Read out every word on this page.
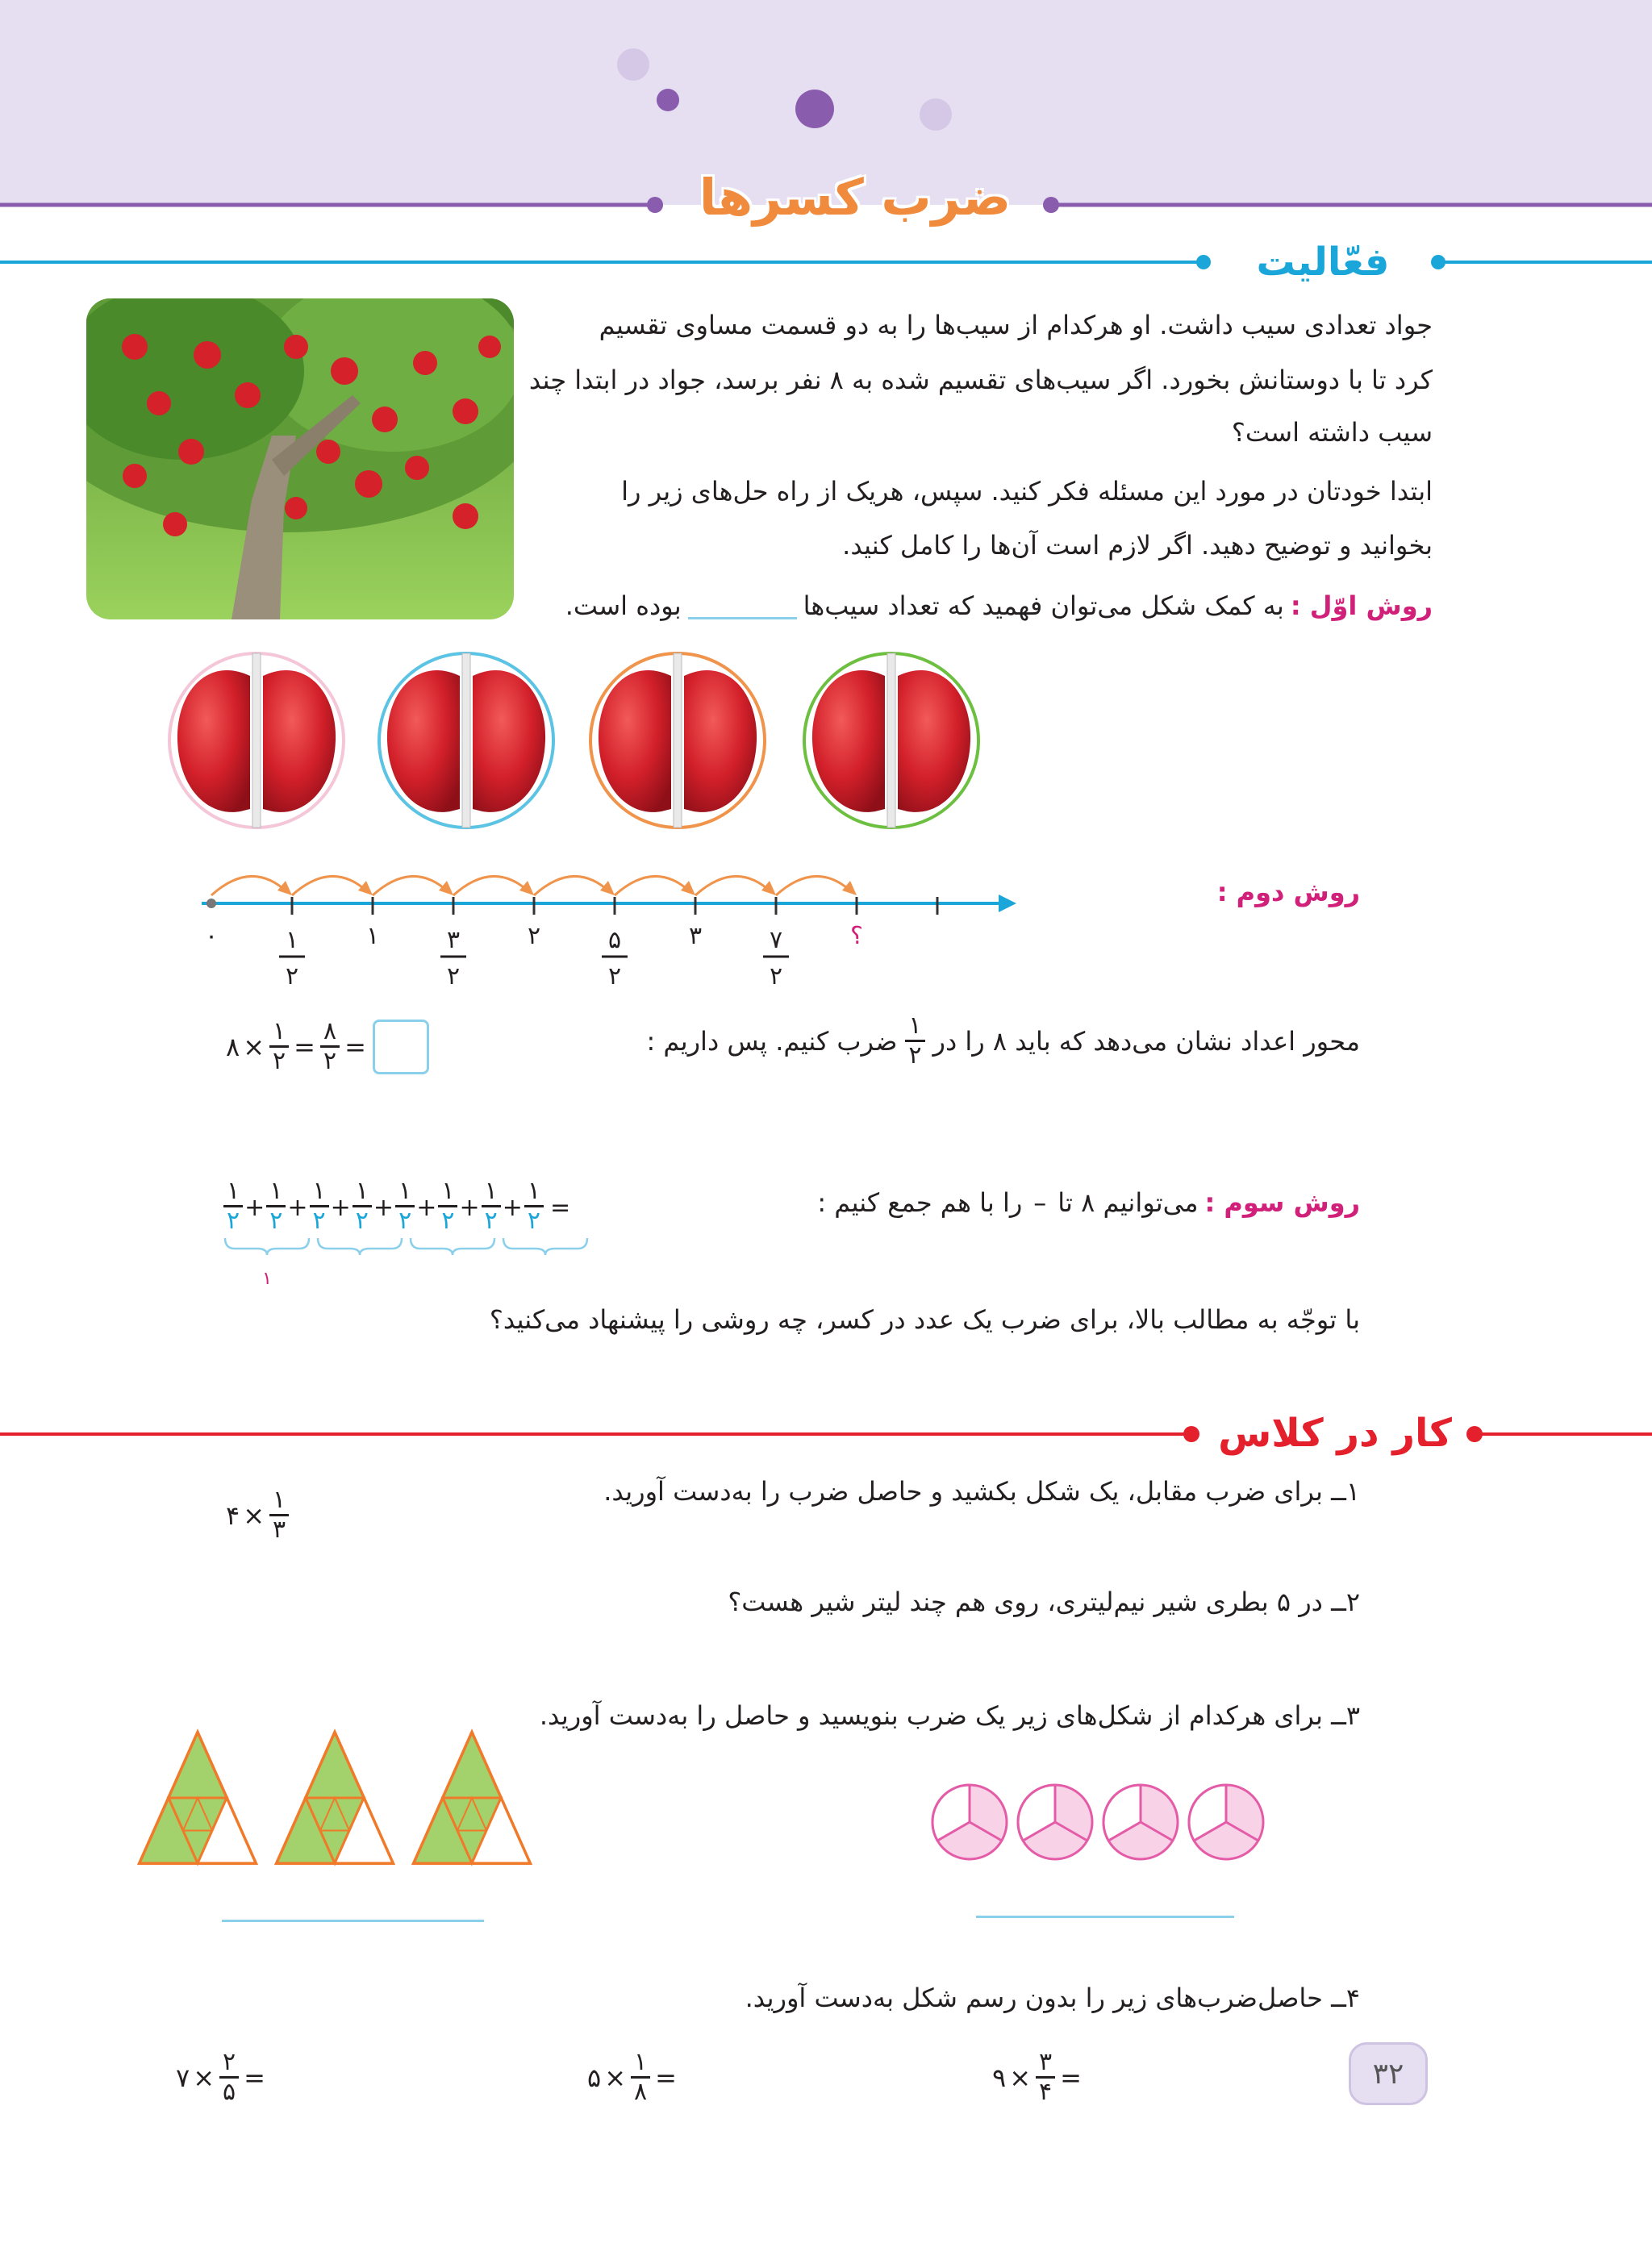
ضرب کسرها
فعّالیت
جواد تعدادی سیب داشت. او هرکدام از سیب‌ها را به دو قسمت مساوی تقسیم
کرد تا با دوستانش بخورد. اگر سیب‌های تقسیم شده به ۸ نفر برسد، جواد در ابتدا چند
سیب داشته است؟
ابتدا خودتان در مورد این مسئله فکر کنید. سپس، هریک از راه حل‌های زیر را
بخوانید و توضیح دهید. اگر لازم است آن‌ها را کامل کنید.
روش اوّل :
به کمک شکل می‌توان فهمید که تعداد سیب‌ها
بوده است.
روش دوم :
۰	۱	۲	۳	؟
۱
۲
۳
۲
۵
۲
۷
۲
محور اعداد نشان می‌دهد که باید ۸ را در
$\frac{۱}{۲}$
ضرب کنیم. پس داریم :
۸ × $\frac{۱}{۲} = \frac{۸}{۲}$ =
روش سوم :
می‌توانیم ۸ تا
–
را با هم جمع کنیم :
$\frac{۱}{۲} + \frac{۱}{۲} + \frac{۱}{۲} + \frac{۱}{۲} + \frac{۱}{۲} + \frac{۱}{۲} + \frac{۱}{۲} + \frac{۱}{۲}$ =
۱
با توجّه به مطالب بالا، برای ضرب یک عدد در کسر، چه روشی را پیشنهاد می‌کنید؟
کار در کلاس
۱ــ برای ضرب مقابل، یک شکل بکشید و حاصل ضرب را به‌دست آورید.
۴ × $\frac{۱}{۳}$
۲ــ در ۵ بطری شیر نیم‌لیتری، روی هم چند لیتر شیر هست؟
۳ــ برای هرکدام از شکل‌های زیر یک ضرب بنویسید و حاصل را به‌دست آورید.
۴ــ حاصل‌ضرب‌های زیر را بدون رسم شکل به‌دست آورید.
۹ × $\frac{۳}{۴}$ =
۵ × $\frac{۱}{۸}$ =
۷ × $\frac{۲}{۵}$ =	۳۲
